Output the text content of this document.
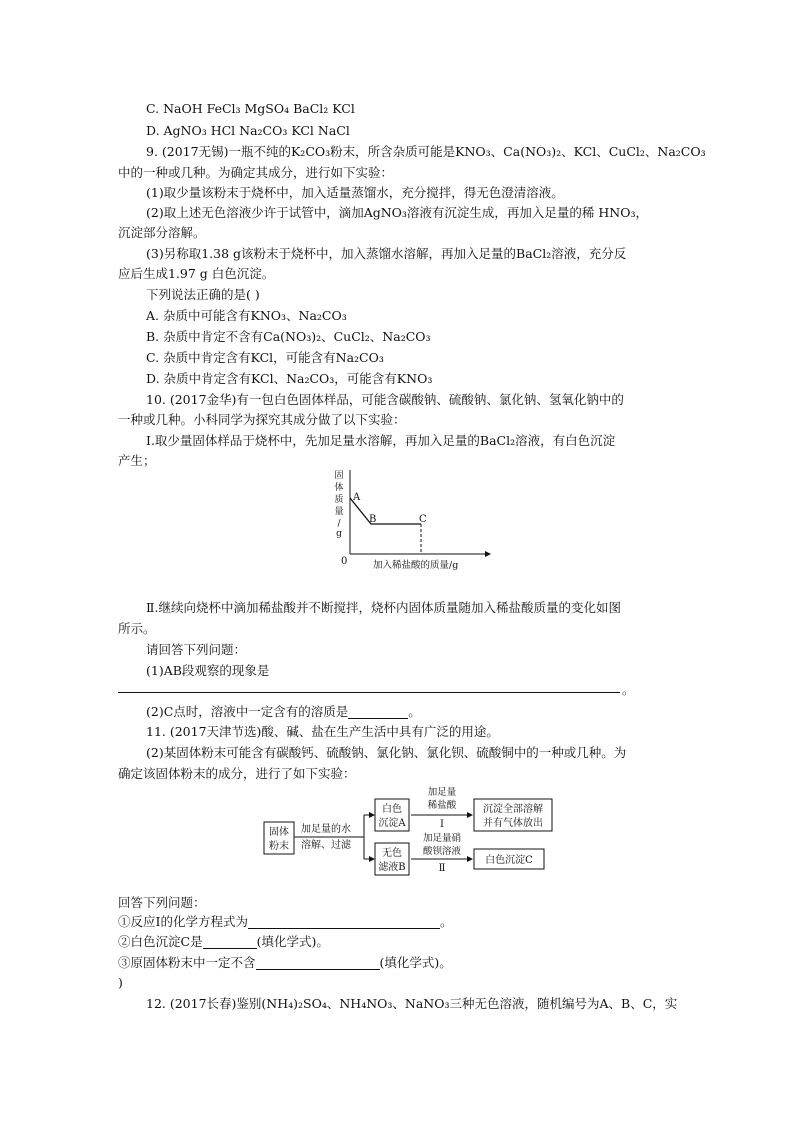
C. NaOH FeCl₃ MgSO₄ BaCl₂ KCl
D. AgNO₃ HCl Na₂CO₃ KCl NaCl
9. (2017无锡)一瓶不纯的K₂CO₃粉末，所含杂质可能是KNO₃、Ca(NO₃)₂、KCl、CuCl₂、Na₂CO₃
中的一种或几种。为确定其成分，进行如下实验：
(1)取少量该粉末于烧杯中，加入适量蒸馏水，充分搅拌，得无色澄清溶液。
(2)取上述无色溶液少许于试管中，滴加AgNO₃溶液有沉淀生成，再加入足量的稀 HNO₃，
沉淀部分溶解。
(3)另称取1.38 g该粉末于烧杯中，加入蒸馏水溶解，再加入足量的BaCl₂溶液，充分反
应后生成1.97 g 白色沉淀。
下列说法正确的是( )
A. 杂质中可能含有KNO₃、Na₂CO₃
B. 杂质中肯定不含有Ca(NO₃)₂、CuCl₂、Na₂CO₃
C. 杂质中肯定含有KCl，可能含有Na₂CO₃
D. 杂质中肯定含有KCl、Na₂CO₃，可能含有KNO₃
10. (2017金华)有一包白色固体样品，可能含碳酸钠、硫酸钠、氯化钠、氢氧化钠中的
一种或几种。小科同学为探究其成分做了以下实验：
Ⅰ.取少量固体样品于烧杯中，先加足量水溶解，再加入足量的BaCl₂溶液，有白色沉淀
产生；
固
体
质
量
/
g
A
B	C
0	加入稀盐酸的质量/g
Ⅱ.继续向烧杯中滴加稀盐酸并不断搅拌，烧杯内固体质量随加入稀盐酸质量的变化如图
所示。
请回答下列问题：
(1)AB段观察的现象是
。
(2)C点时，溶液中一定含有的溶质是	。
11. (2017天津节选)酸、碱、盐在生产生活中具有广泛的用途。
(2)某固体粉末可能含有碳酸钙、硫酸钠、氯化钠、氯化钡、硫酸铜中的一种或几种。为
确定该固体粉末的成分，进行了如下实验：
固体
粉末
加足量的水
溶解、过滤
白色
沉淀A
加足量
稀盐酸
Ⅰ
沉淀全部溶解
并有气体放出
无色
滤液B
加足量硝
酸钡溶液
Ⅱ
白色沉淀C
回答下列问题：
①反应Ⅰ的化学方程式为	。
②白色沉淀C是	(填化学式)。
③原固体粉末中一定不含	(填化学式)。
)
12. (2017长春)鉴别(NH₄)₂SO₄、NH₄NO₃、NaNO₃三种无色溶液，随机编号为A、B、C，实
